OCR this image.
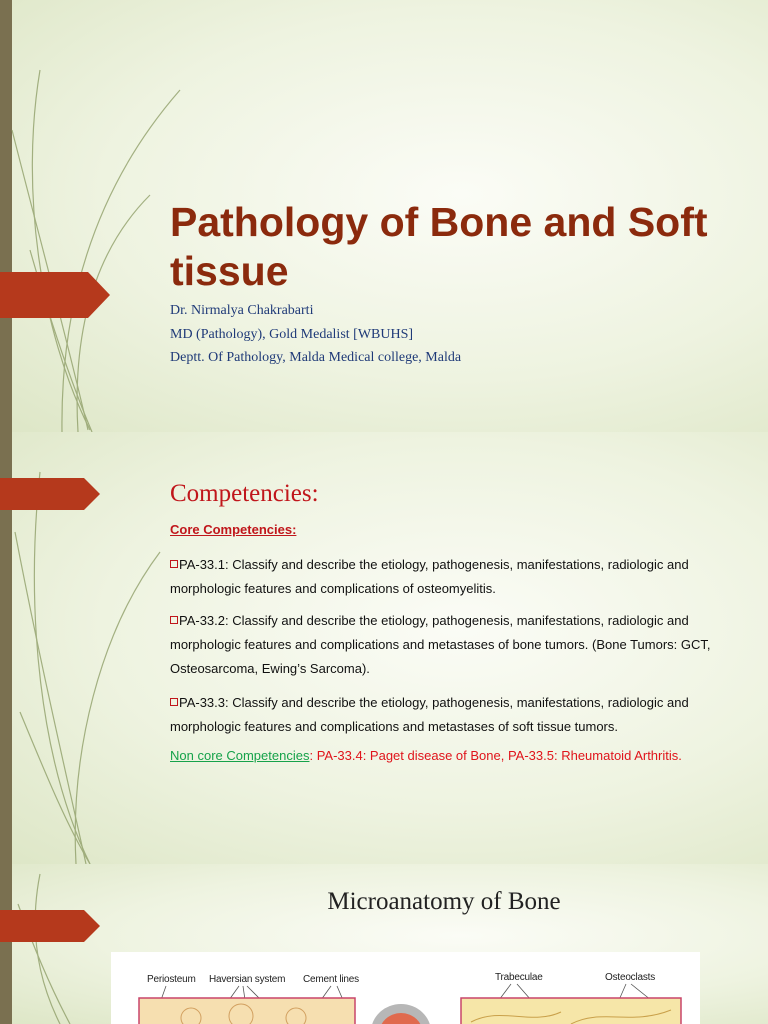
Pathology of Bone and Soft tissue
Dr. Nirmalya Chakrabarti
MD (Pathology), Gold Medalist [WBUHS]
Deptt. Of Pathology, Malda Medical college, Malda
Competencies:
Core Competencies:
PA-33.1: Classify and describe the etiology, pathogenesis, manifestations, radiologic and morphologic features and complications of osteomyelitis.
PA-33.2: Classify and describe the etiology, pathogenesis, manifestations, radiologic and morphologic features and complications and metastases of bone tumors. (Bone Tumors: GCT, Osteosarcoma, Ewing’s Sarcoma).
PA-33.3: Classify and describe the etiology, pathogenesis, manifestations, radiologic and morphologic features and complications and metastases of soft tissue tumors.
Non core Competencies: PA-33.4: Paget disease of Bone, PA-33.5: Rheumatoid Arthritis.
Microanatomy of Bone
Periosteum Haversian system Cement lines	Trabeculae	Osteoclasts
